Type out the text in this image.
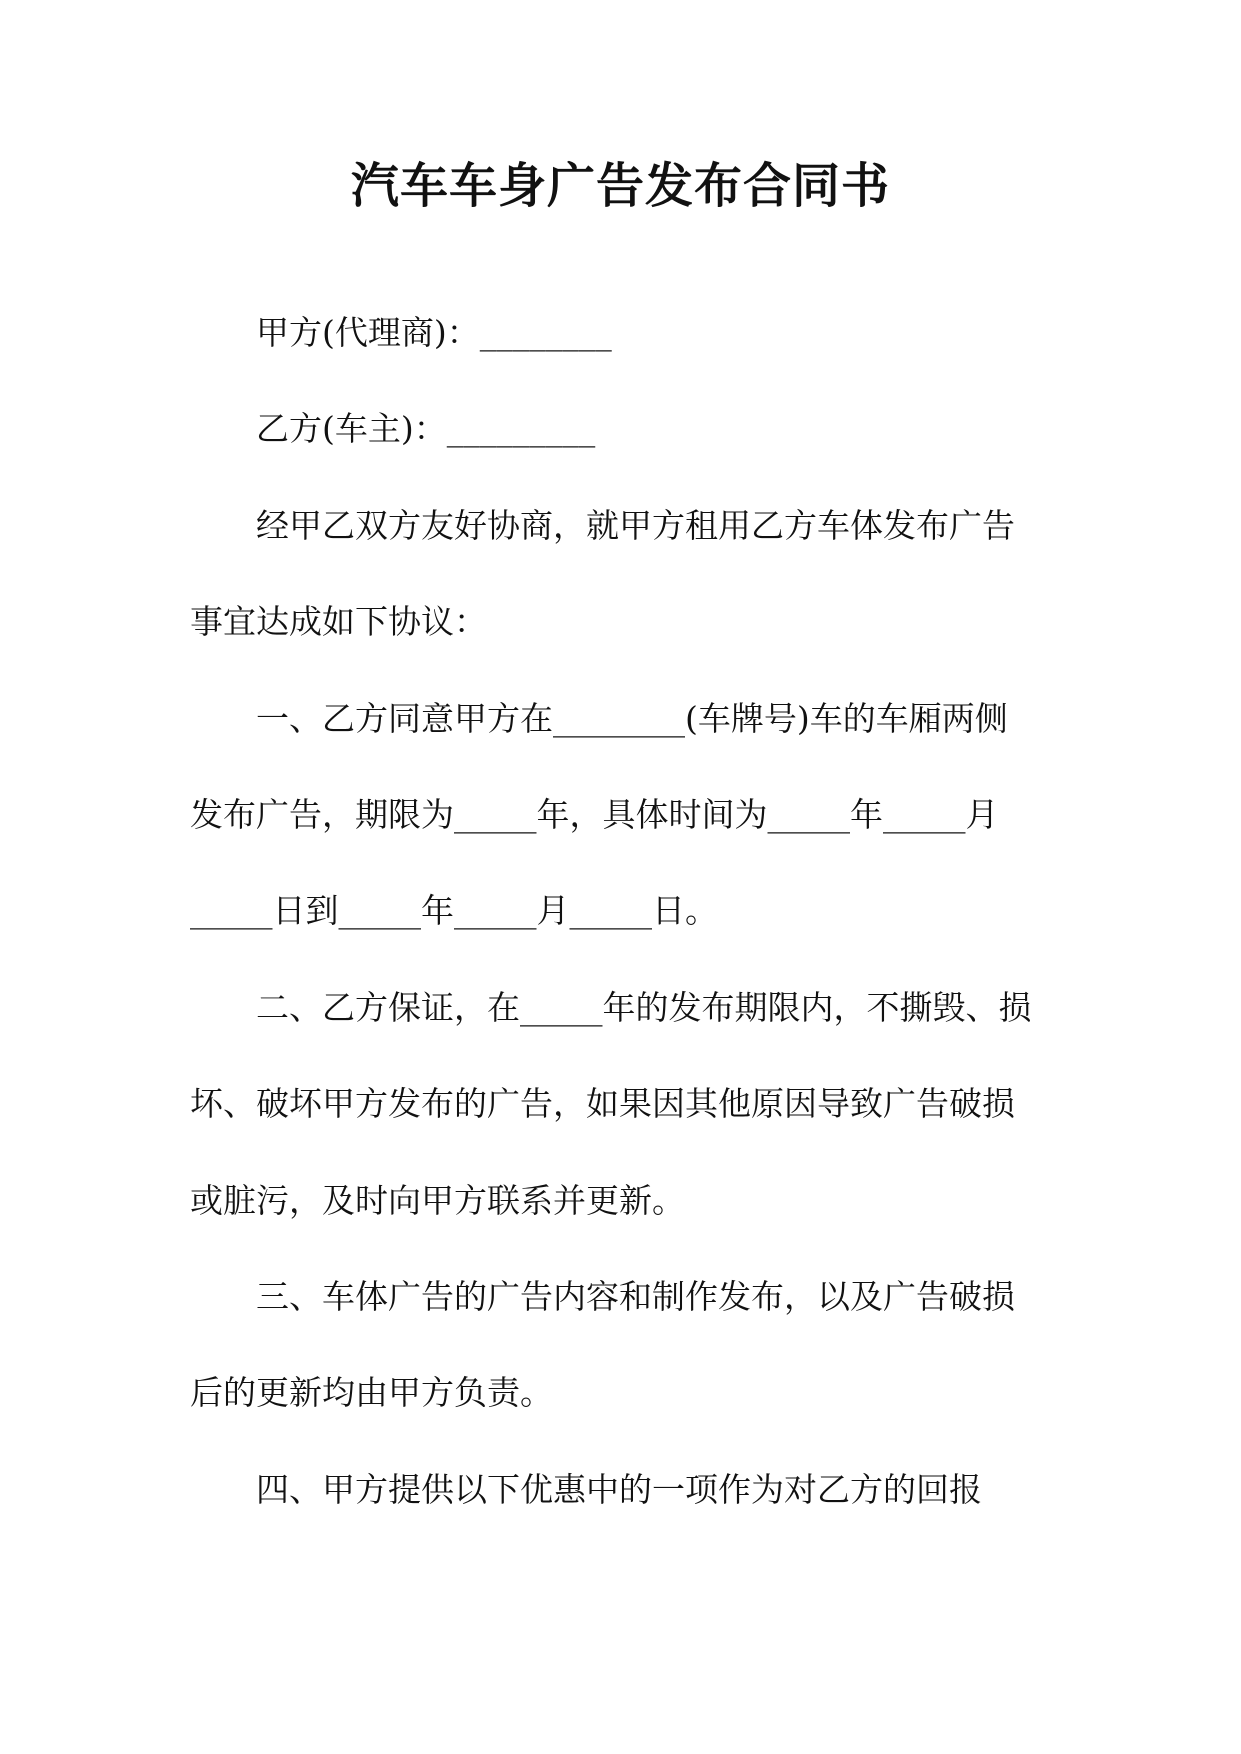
汽车车身广告发布合同书
甲方(代理商)：________
乙方(车主)：_________
经甲乙双方友好协商，就甲方租用乙方车体发布广告
事宜达成如下协议：
一、乙方同意甲方在________(车牌号)车的车厢两侧
发布广告，期限为_____年，具体时间为_____年_____月
_____日到_____年_____月_____日。
二、乙方保证，在_____年的发布期限内，不撕毁、损
坏、破坏甲方发布的广告，如果因其他原因导致广告破损
或脏污，及时向甲方联系并更新。
三、车体广告的广告内容和制作发布，以及广告破损
后的更新均由甲方负责。
四、甲方提供以下优惠中的一项作为对乙方的回报
